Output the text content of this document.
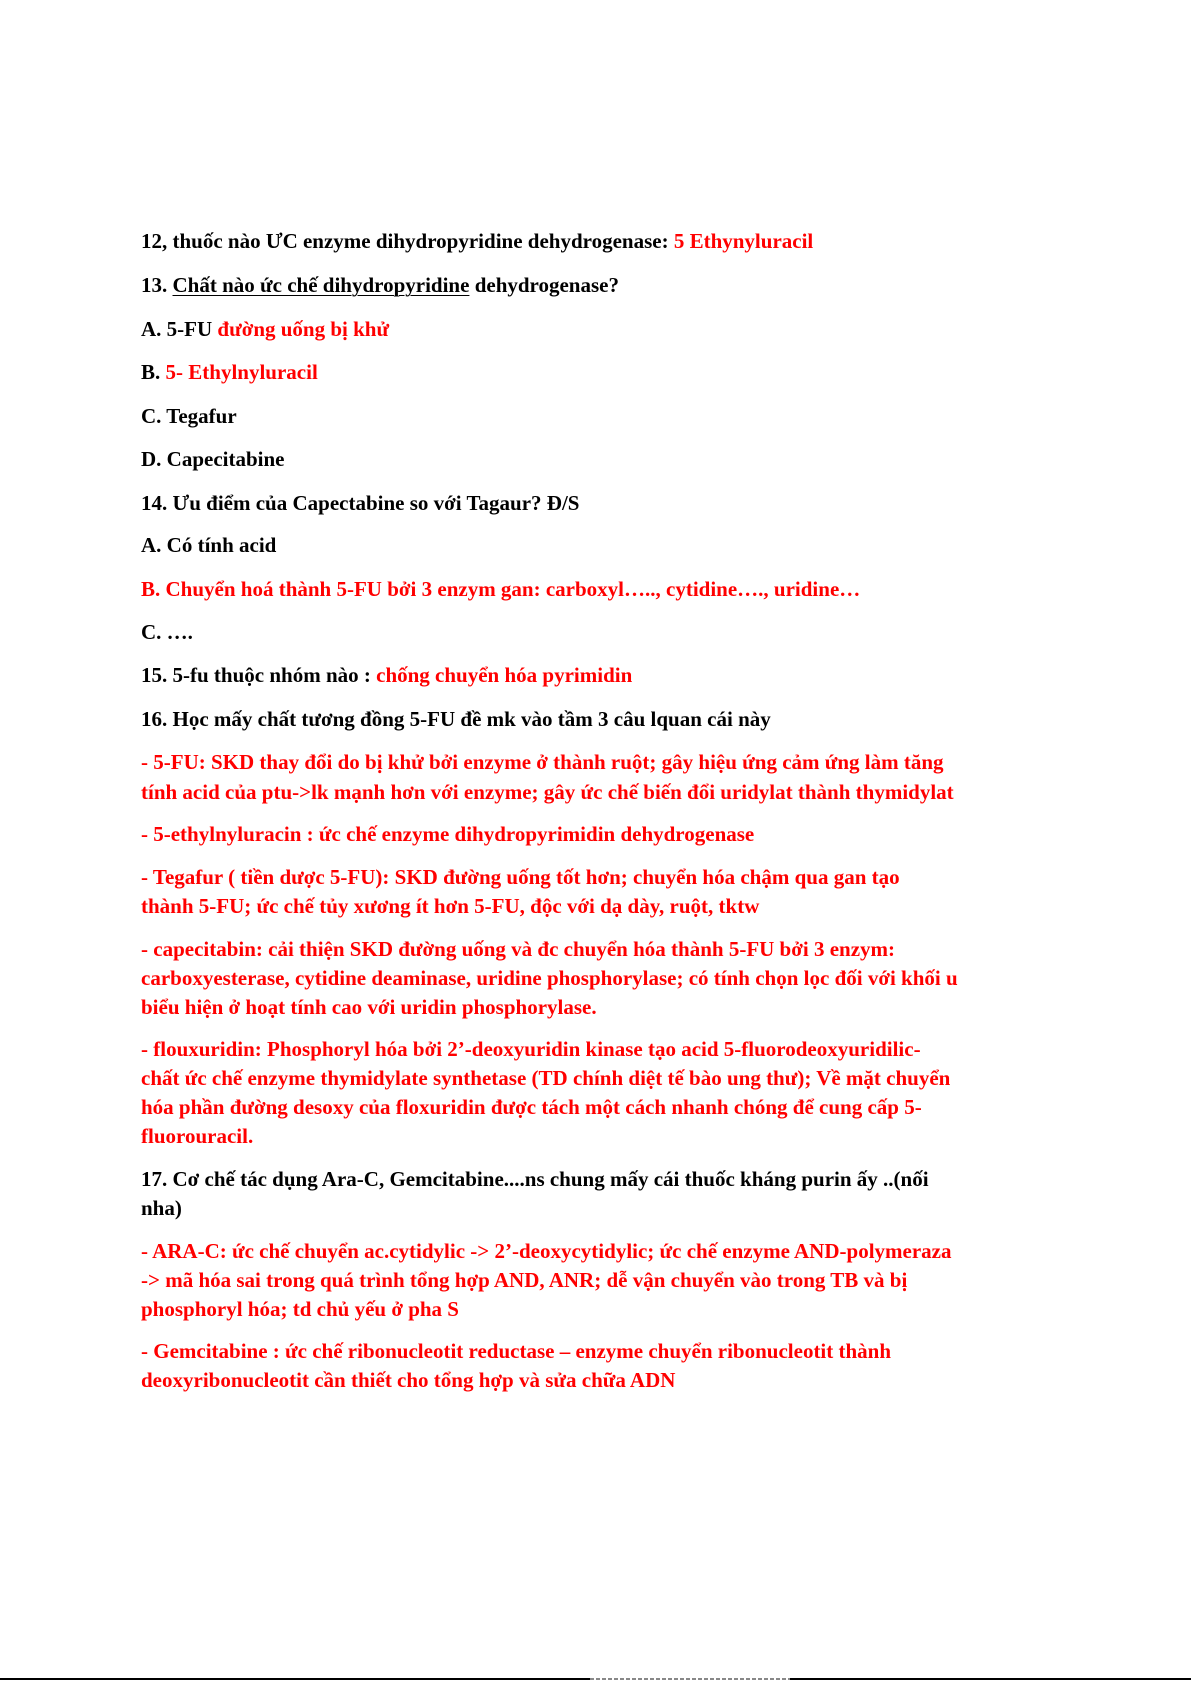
12, thuốc nào ƯC enzyme dihydropyridine dehydrogenase: 5 Ethynyluracil
13. Chất nào ức chế dihydropyridine dehydrogenase?
A. 5-FU đường uống bị khử
B. 5- Ethylnyluracil
C. Tegafur
D. Capecitabine
14. Ưu điểm của Capectabine so với Tagaur? Đ/S
A. Có tính acid
B. Chuyển hoá thành 5-FU bởi 3 enzym gan: carboxyl….., cytidine…., uridine…
C. ….
15. 5-fu thuộc nhóm nào : chống chuyển hóa pyrimidin
16. Học mấy chất tương đồng 5-FU đề mk vào tầm 3 câu lquan cái này
- 5-FU: SKD thay đổi do bị khử bởi enzyme ở thành ruột; gây hiệu ứng cảm ứng làm tăng
tính acid của ptu->lk mạnh hơn với enzyme; gây ức chế biến đổi uridylat thành thymidylat
- 5-ethylnyluracin : ức chế enzyme dihydropyrimidin dehydrogenase
- Tegafur ( tiền dược 5-FU): SKD đường uống tốt hơn; chuyển hóa chậm qua gan tạo
thành 5-FU; ức chế tủy xương ít hơn 5-FU, độc với dạ dày, ruột, tktw
- capecitabin: cải thiện SKD đường uống và đc chuyển hóa thành 5-FU bởi 3 enzym:
carboxyesterase, cytidine deaminase, uridine phosphorylase; có tính chọn lọc đối với khối u
biểu hiện ở hoạt tính cao với uridin phosphorylase.
- flouxuridin: Phosphoryl hóa bởi 2’-deoxyuridin kinase tạo acid 5-fluorodeoxyuridilic-
chất ức chế enzyme thymidylate synthetase (TD chính diệt tế bào ung thư); Về mặt chuyển
hóa phần đường desoxy của floxuridin được tách một cách nhanh chóng để cung cấp 5-
fluorouracil.
17. Cơ chế tác dụng Ara-C, Gemcitabine....ns chung mấy cái thuốc kháng purin ấy ..(nối
nha)
- ARA-C: ức chế chuyển ac.cytidylic -> 2’-deoxycytidylic; ức chế enzyme AND-polymeraza
-> mã hóa sai trong quá trình tổng hợp AND, ANR; dễ vận chuyển vào trong TB và bị
phosphoryl hóa; td chủ yếu ở pha S
- Gemcitabine : ức chế ribonucleotit reductase – enzyme chuyển ribonucleotit thành
deoxyribonucleotit cần thiết cho tổng hợp và sửa chữa ADN
